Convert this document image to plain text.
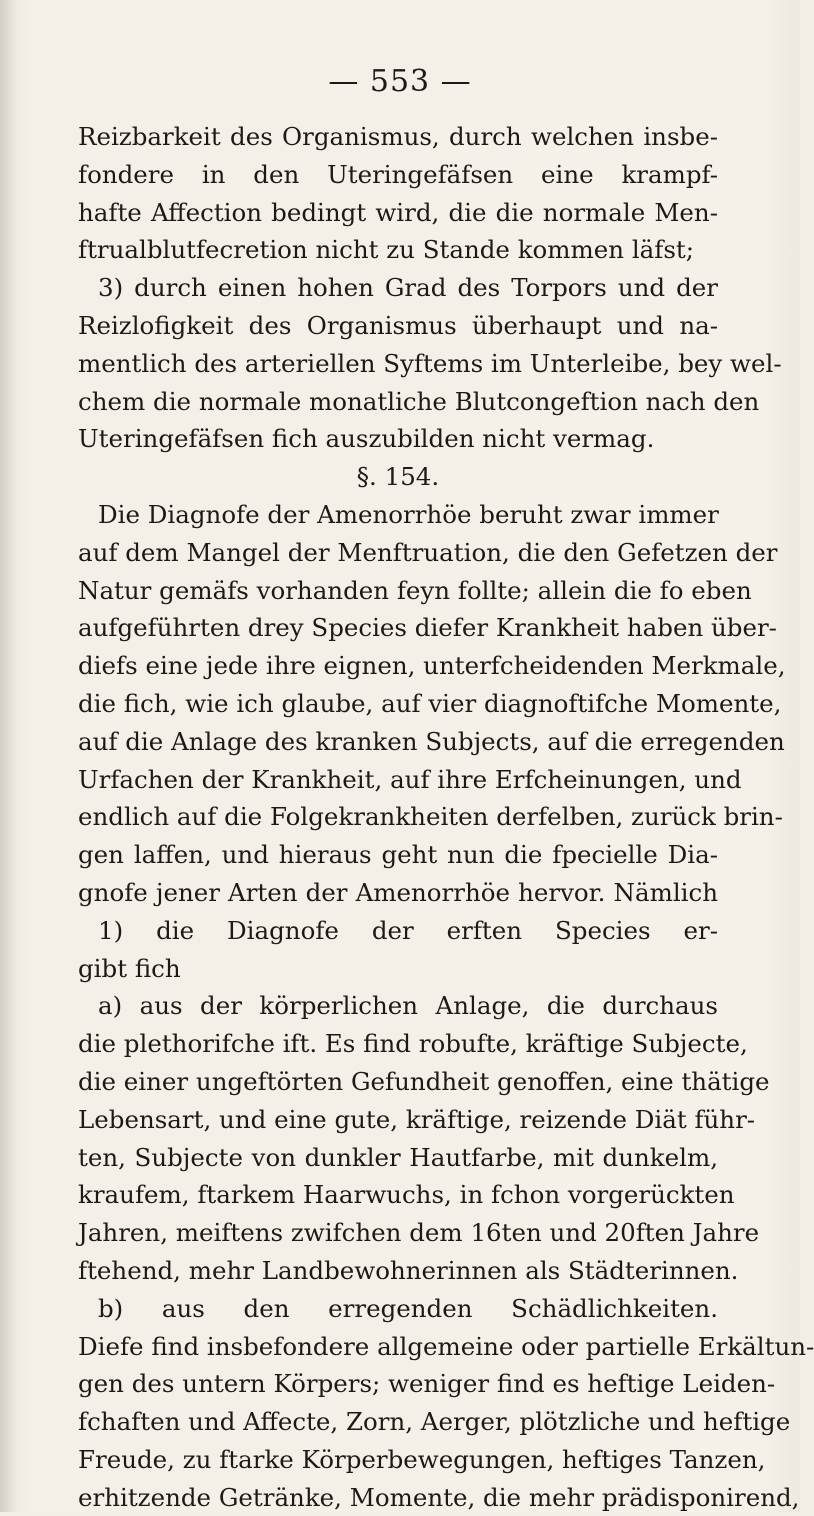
— 553 —
Reizbarkeit des Organismus, durch welchen insbe-
fondere in den Uteringefäfsen eine krampf-
hafte Affection bedingt wird, die die normale Men-
ftrualblutfecretion nicht zu Stande kommen läfst;
3) durch einen hohen Grad des Torpors und der
Reizlofigkeit des Organismus überhaupt und na-
mentlich des arteriellen Syftems im Unterleibe, bey wel-
chem die normale monatliche Blutcongeftion nach den
Uteringefäfsen fich auszubilden nicht vermag.
§. 154.
Die Diagnofe der Amenorrhöe beruht zwar immer
auf dem Mangel der Menftruation, die den Gefetzen der
Natur gemäfs vorhanden feyn follte; allein die fo eben
aufgeführten drey Species diefer Krankheit haben über-
diefs eine jede ihre eignen, unterfcheidenden Merkmale,
die fich, wie ich glaube, auf vier diagnoftifche Momente,
auf die Anlage des kranken Subjects, auf die erregenden
Urfachen der Krankheit, auf ihre Erfcheinungen, und
endlich auf die Folgekrankheiten derfelben, zurück brin-
gen laffen, und hieraus geht nun die fpecielle Dia-
gnofe jener Arten der Amenorrhöe hervor. Nämlich
1) die Diagnofe der erften Species er-
gibt fich
a) aus der körperlichen Anlage, die durchaus
die plethorifche ift. Es find robufte, kräftige Subjecte,
die einer ungeftörten Gefundheit genoffen, eine thätige
Lebensart, und eine gute, kräftige, reizende Diät führ-
ten, Subjecte von dunkler Hautfarbe, mit dunkelm,
kraufem, ftarkem Haarwuchs, in fchon vorgerückten
Jahren, meiftens zwifchen dem 16ten und 20ften Jahre
ftehend, mehr Landbewohnerinnen als Städterinnen.
b) aus den erregenden Schädlichkeiten.
Diefe find insbefondere allgemeine oder partielle Erkältun-
gen des untern Körpers; weniger find es heftige Leiden-
fchaften und Affecte, Zorn, Aerger, plötzliche und heftige
Freude, zu ftarke Körperbewegungen, heftiges Tanzen,
erhitzende Getränke, Momente, die mehr prädisponirend,
